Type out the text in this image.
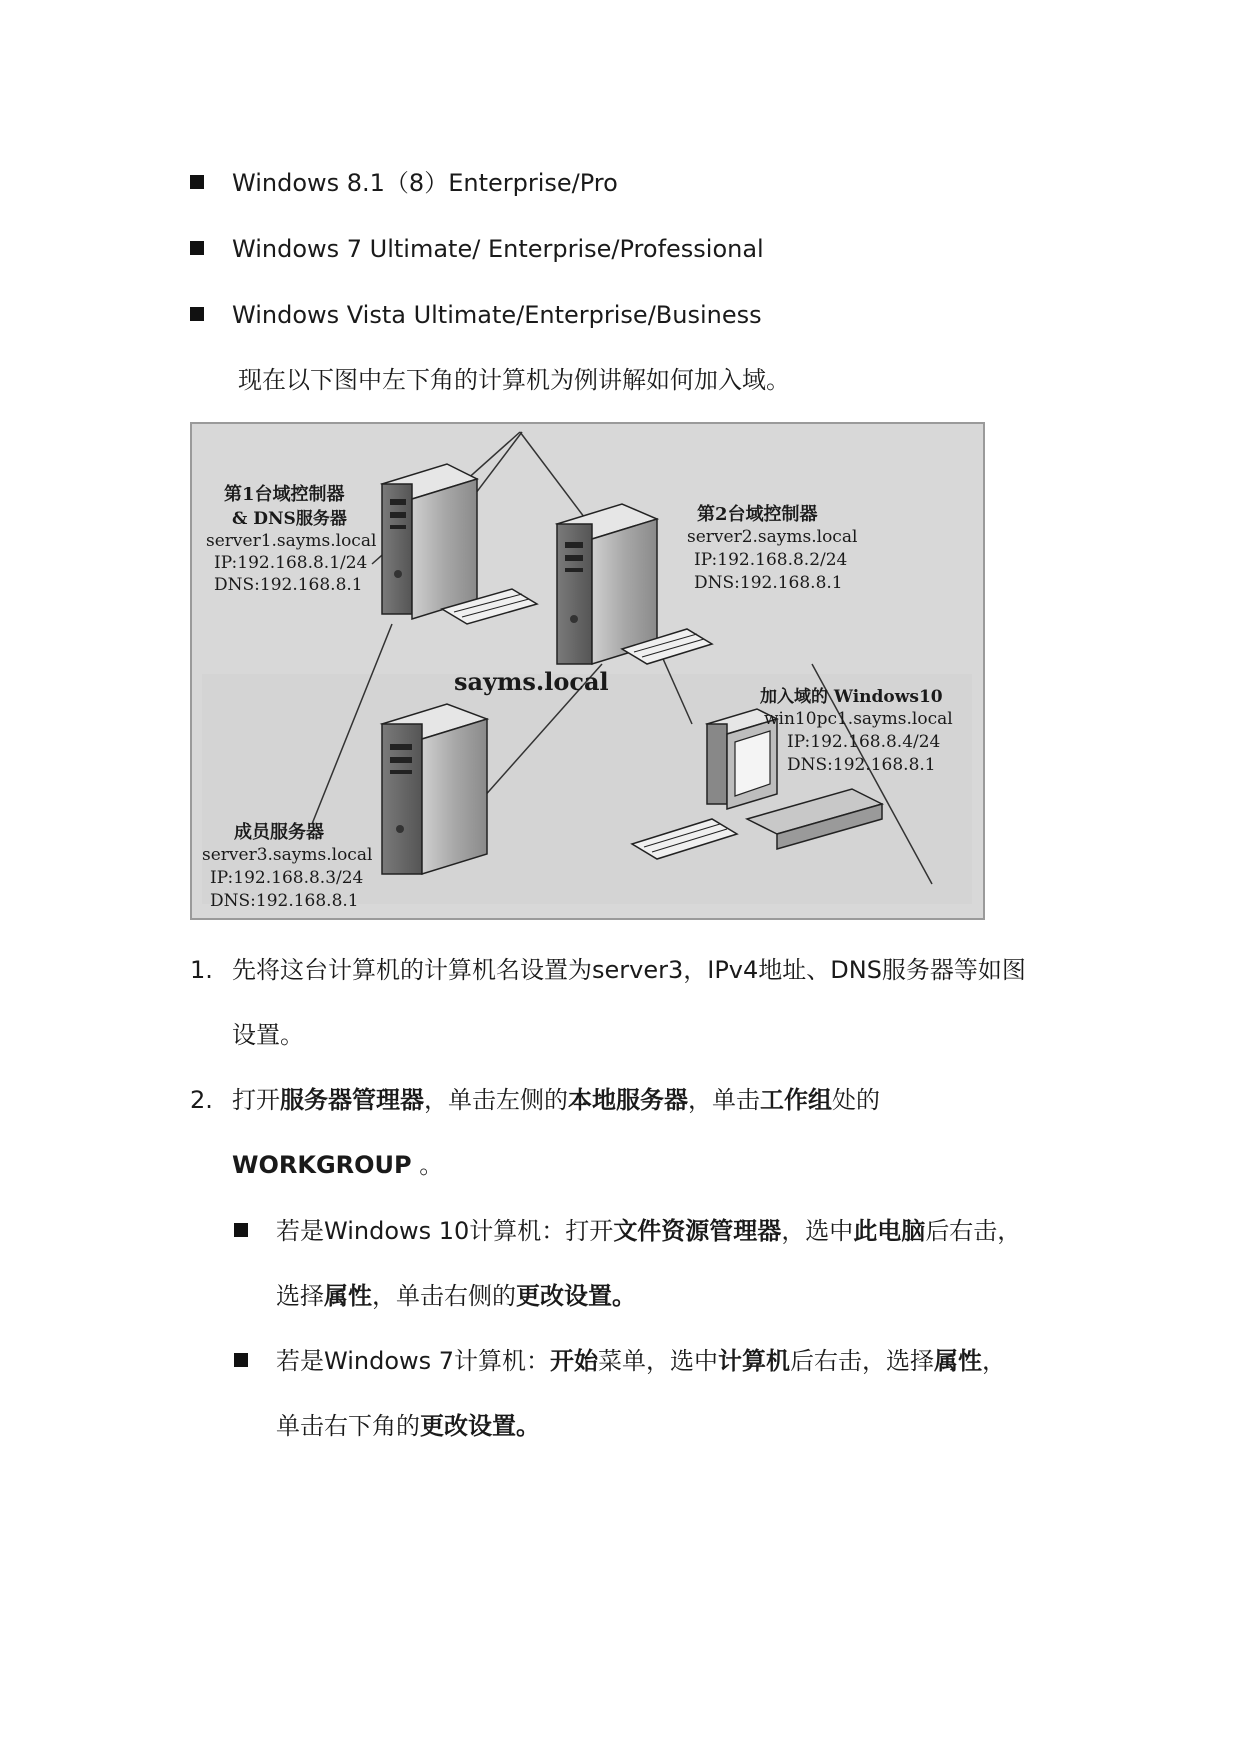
Windows 8.1（8）Enterprise/Pro
Windows 7 Ultimate/ Enterprise/Professional
Windows Vista Ultimate/Enterprise/Business
现在以下图中左下角的计算机为例讲解如何加入域。
第1台域控制器
& DNS服务器
server1.sayms.local
IP:192.168.8.1/24
DNS:192.168.8.1
第2台域控制器
server2.sayms.local
IP:192.168.8.2/24
DNS:192.168.8.1
sayms.local
加入域的 Windows10
win10pc1.sayms.local
IP:192.168.8.4/24
DNS:192.168.8.1
成员服务器
server3.sayms.local
IP:192.168.8.3/24
DNS:192.168.8.1
1. 先将这台计算机的计算机名设置为server3，IPv4地址、DNS服务器等如图
设置。
2. 打开服务器管理器，单击左侧的本地服务器，单击工作组处的
WORKGROUP 。
若是Windows 10计算机：打开文件资源管理器，选中此电脑后右击，
选择属性，单击右侧的更改设置。
若是Windows 7计算机：开始菜单，选中计算机后右击，选择属性，
单击右下角的更改设置。
